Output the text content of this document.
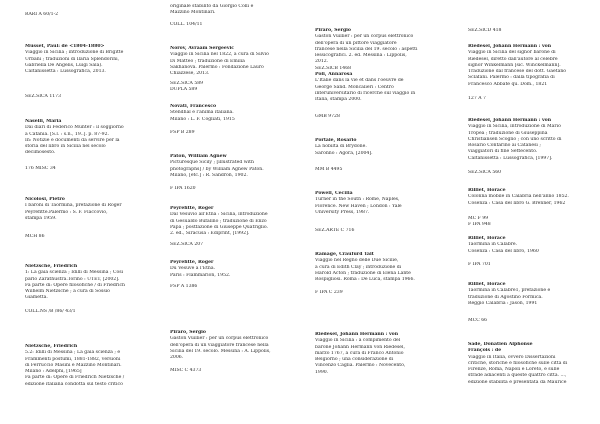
RARI A 60/1-2
Musset, Paul: de <1804-1880>
Viaggio in Sicilia ; introduzione di Brigitte
Urbani ; traduzioni di Ilaria Splendorini,
Gabriella De Angelis, Luigi Sala).
Caltanissetta : Lussografica, 2013.
SEZ.SICA 1173
Naselli, Maria
Dai diari di Federico Münter : il soggiorno
a Catania. [S.l. : s.n., 19..]. p. 87-92.
In: Notizie e documenti da servire per la
storia del libro in Sicilia nel secolo
decimosesto.
176 MISC 34
Nicolosi, Pietro
I baroni di Taormina, prefazione di Roger
Peyrefitte.Palermo : S. F. Flaccovio,
stampa 1959.
MCH 86
Nietzsche, Friedrich
1: La gaia scienza ; Idilli di Messina ; Così
parlò Zarathustra.Torino : UTET, [2002].
Fa parte di: Opere filosofiche / di Friedrich
Wilhelm Nietzsche ; a cura di Sossio
Giametta.
COLL.NS /B /86/ 43/1
Nietzsche, Friedrich
5.2: Idilli di Messina ; La gaia scienza ; e
Frammenti postumi, 1881-1882, versioni
di Ferruccio Masini e Mazzino Montinari.
Milano : Adelphi, [1965]
Fa parte di: Opere di Friedrich Nietzsche /
edizione italiana condotta sul testo critico
originale stabilito da Giorgio Colli e
Mazzino Montinari.
COLL. 104/11
Norov, Avraam Sergeevič
Viaggio in Sicilia nel 1822, a cura di Silvio
Di Matteo ; traduzione di Emilia
Sakhanova. Palermo : Fondazione Lauro
Chiazzese, 2013.
SEZ.SICA 589
DUPLA 589
Novati, Francesco
Stendhal e l'anima italiana.
Milano : L. F. Cogliati, 1915
FSP B 289
Paton, William Agnew
Picturesque Sicily ; [illustrated with
photographs] / by William Agnew Paton.
Milano, [etc.] : R. Sandron, 1902.
F IPA 1620
Peyrefitte, Roger
Dal Vesuvio all'Etna : Sicilia, introduzione
di Gesualdo Bufalino ; traduzione di Enzo
Papa ; postfazione di Giuseppe Quatriglio.
2. ed., Siracusa : Ediprint, [1992].
SEZ.SICA 207
Peyrefitte, Roger
Du Vesuve a l'Etna.
Paris : Flammarion, 1952.
FSP A 1386
Piraro, Sergio
Gaston Vuillier : per un corpus elettronico
dell'opera di un viaggiatore francese nella
Sicilia del 19. secolo. Messina : A. Lippolis,
2006.
MISC C 4373
Piraro, Sergio
Gaston Vuillier : per un corpus elettronico
dell'opera di un pittore viaggiatore
francese nella Sicilia del 19. secolo : aspetti
lessicografici. 2. ed. Messina : Lippolis,
2012.
SEZ.SICB 1468
Poli, Annarosa
L'Italie dans la vie et dans l'oeuvre de
George Sand. Moncalieri : Centro
interuniversitario di ricerche sul viaggio in
Italia, stampa 2000.
GMB 9728
Portale, Rosario
La nobiltà di Brydone.
Saronno : Agorà, [2004].
MM B 4495
Powell, Cecilia
Turner in the South : Rome, Naples,
Florence. New Haven ; London : Yale
University Press, 1987.
SEZ.ARTE C 716
Ramage, Craufurd Tait
Viaggio nel Regno delle Due Sicilie,
a cura di Edith Clay ; introduzione di
Harold Acton ; traduzione di Elena Lante
Rospigliosi. Roma : De Luca, stampa 1966.
F IPA C 239
Riedesel, Johann Hermann : von
Viaggio in Sicilia : a compimento del
barone Johann Hermann von Riedesel,
marzo 1767, a cura di Franco Antonio
Belgiorno ; una considerazione di
Vincenzo Caglià. Palermo : Novecento,
1990.
SEZ.SICD 418
Riedesel, Johann Hermann : von
Viaggio in Sicilia del signor barone di
Riedesel, diretto dall'autore al celebre
signor Winkelmann [sic. Winckelmann].
Traduzione dal francese del dott. Gaetano
Sclafani. Palermo : dalla tipografia di
Francesco Abbate qu. Dom., 1821
127 A 7
Riedesel, Johann Hermann : von
Viaggio in Sicilia, introduzione di Mario
Tropea ; traduzione di Giuseppina
Christiansen Scoglio ; con uno scritto di
Rosario Contarino ai Catanesi ;
viaggiatori di fine Settecento.
Caltanissetta : Lussografica, [1997].
SEZ.SICA 560
Rilliet, Horace
Colonna mobile in Calabria nell'anno 1852.
Cosenza : Casa del libro G. Brenner, 1962
MC F 99
F IPA 948
Rilliet, Horace
Taormina in Calabre.
Cosenza : Casa del libro, 1960
F IPA 701
Rilliet, Horace
Taormina in Calabre1, prefazione e
traduzione di Agostino Formica.
Reggio Calabria : Jason, 1991
MCC 66
Sade, Donatien Alphonse
François : de
Viaggio in Italia, ovvero Dissertazioni
critiche, storiche e filosofiche sulle città di
Firenze, Roma, Napoli e Loreto, e sulle
strade adiacenti a queste quattro città. ...,
edizione stabilita e presentata da Maurice
